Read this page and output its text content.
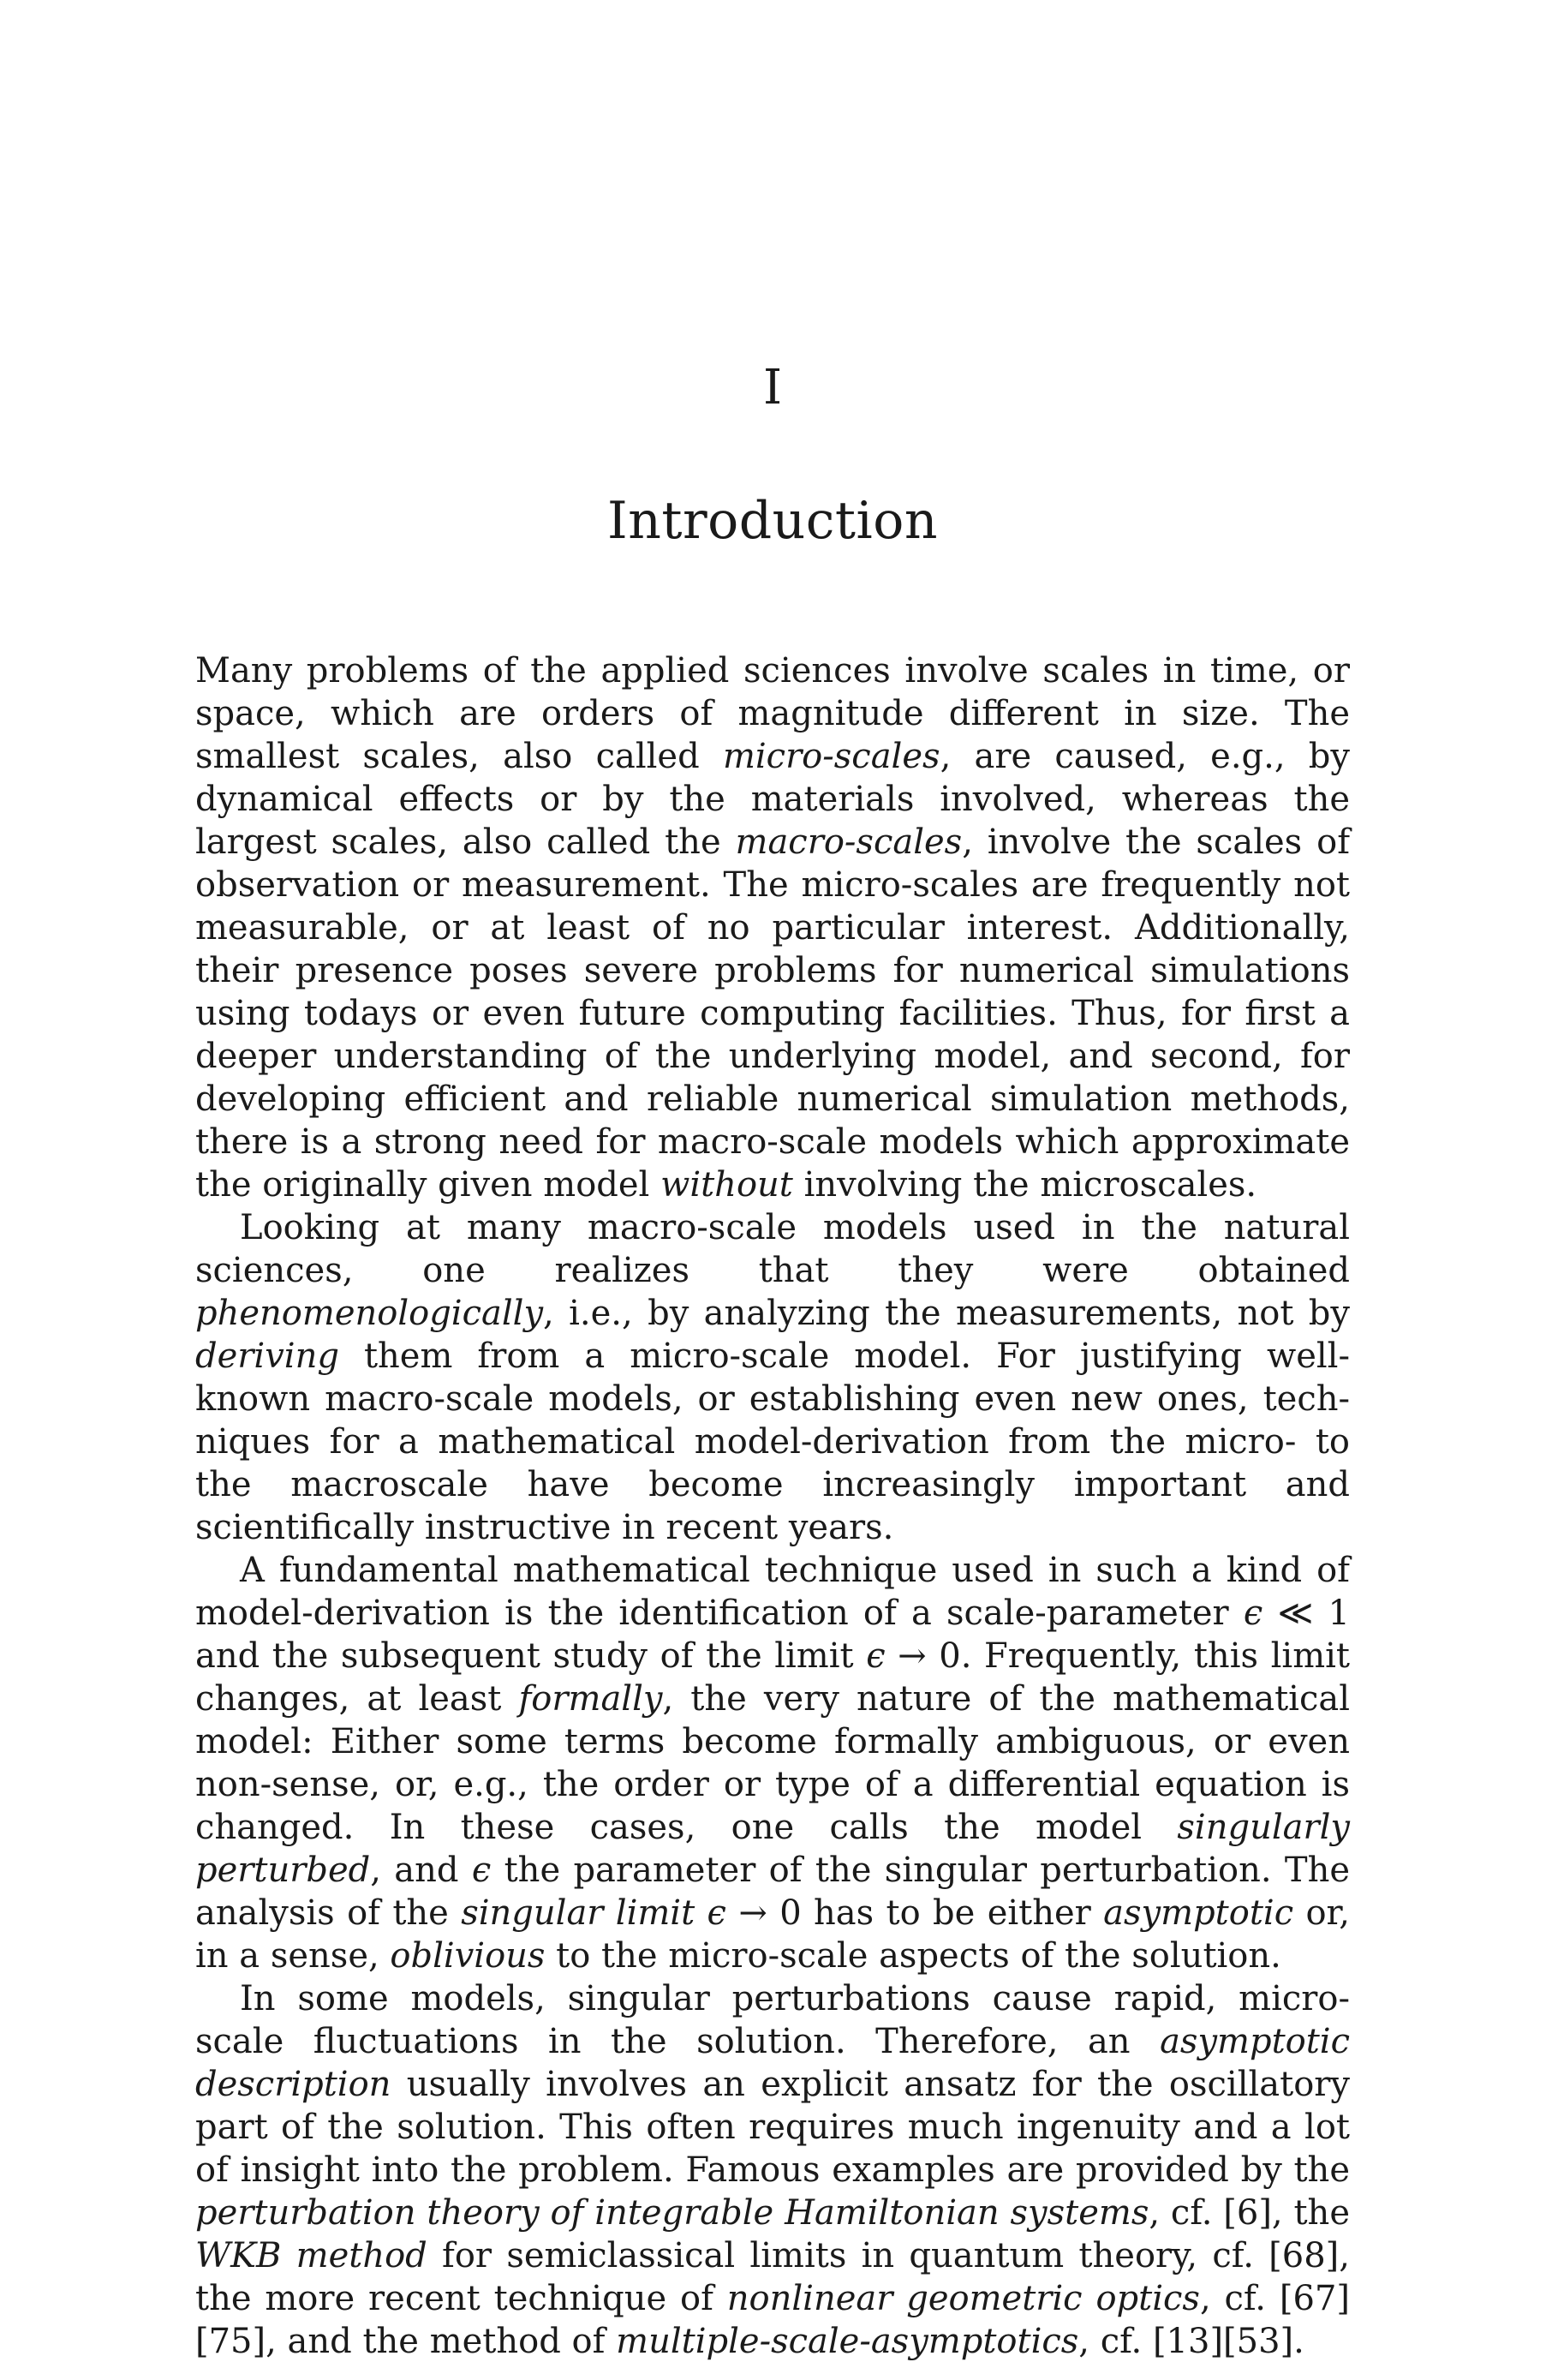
I
Introduction

Many problems of the applied sciences involve scales in time, or space, which are orders of magnitude different in size. The smallest scales, also called micro-scales, are caused, e.g., by dynamical effects or by the materials involved, whereas the largest scales, also called the macro-scales, involve the scales of observation or measurement. The micro-scales are frequently not measurable, or at least of no particular interest. Additionally, their presence poses severe problems for numerical simulations using todays or even future computing facilities. Thus, for first a deeper understanding of the underlying model, and second, for developing efficient and reliable numerical simulation methods, there is a strong need for macro-scale models which approximate the originally given model without involving the microscales.

Looking at many macro-scale models used in the natural sciences, one realizes that they were obtained phenomenologically, i.e., by analyzing the measurements, not by deriving them from a micro-scale model. For justifying well-known macro-scale models, or establishing even new ones, techniques for a mathematical model-derivation from the micro- to the macroscale have become increasingly important and scientifically instructive in recent years.

A fundamental mathematical technique used in such a kind of model-derivation is the identification of a scale-parameter ϵ ≪ 1 and the subsequent study of the limit ϵ → 0. Frequently, this limit changes, at least formally, the very nature of the mathematical model: Either some terms become formally ambiguous, or even non-sense, or, e.g., the order or type of a differential equation is changed. In these cases, one calls the model singularly perturbed, and ϵ the parameter of the singular perturbation. The analysis of the singular limit ϵ → 0 has to be either asymptotic or, in a sense, oblivious to the micro-scale aspects of the solution.

In some models, singular perturbations cause rapid, micro-scale fluctuations in the solution. Therefore, an asymptotic description usually involves an explicit ansatz for the oscillatory part of the solution. This often requires much ingenuity and a lot of insight into the problem. Famous examples are provided by the perturbation theory of integrable Hamiltonian systems, cf. [6], the WKB method for semiclassical limits in quantum theory, cf. [68], the more recent technique of nonlinear geometric optics, cf. [67][75], and the method of multiple-scale-asymptotics, cf. [13][53].
